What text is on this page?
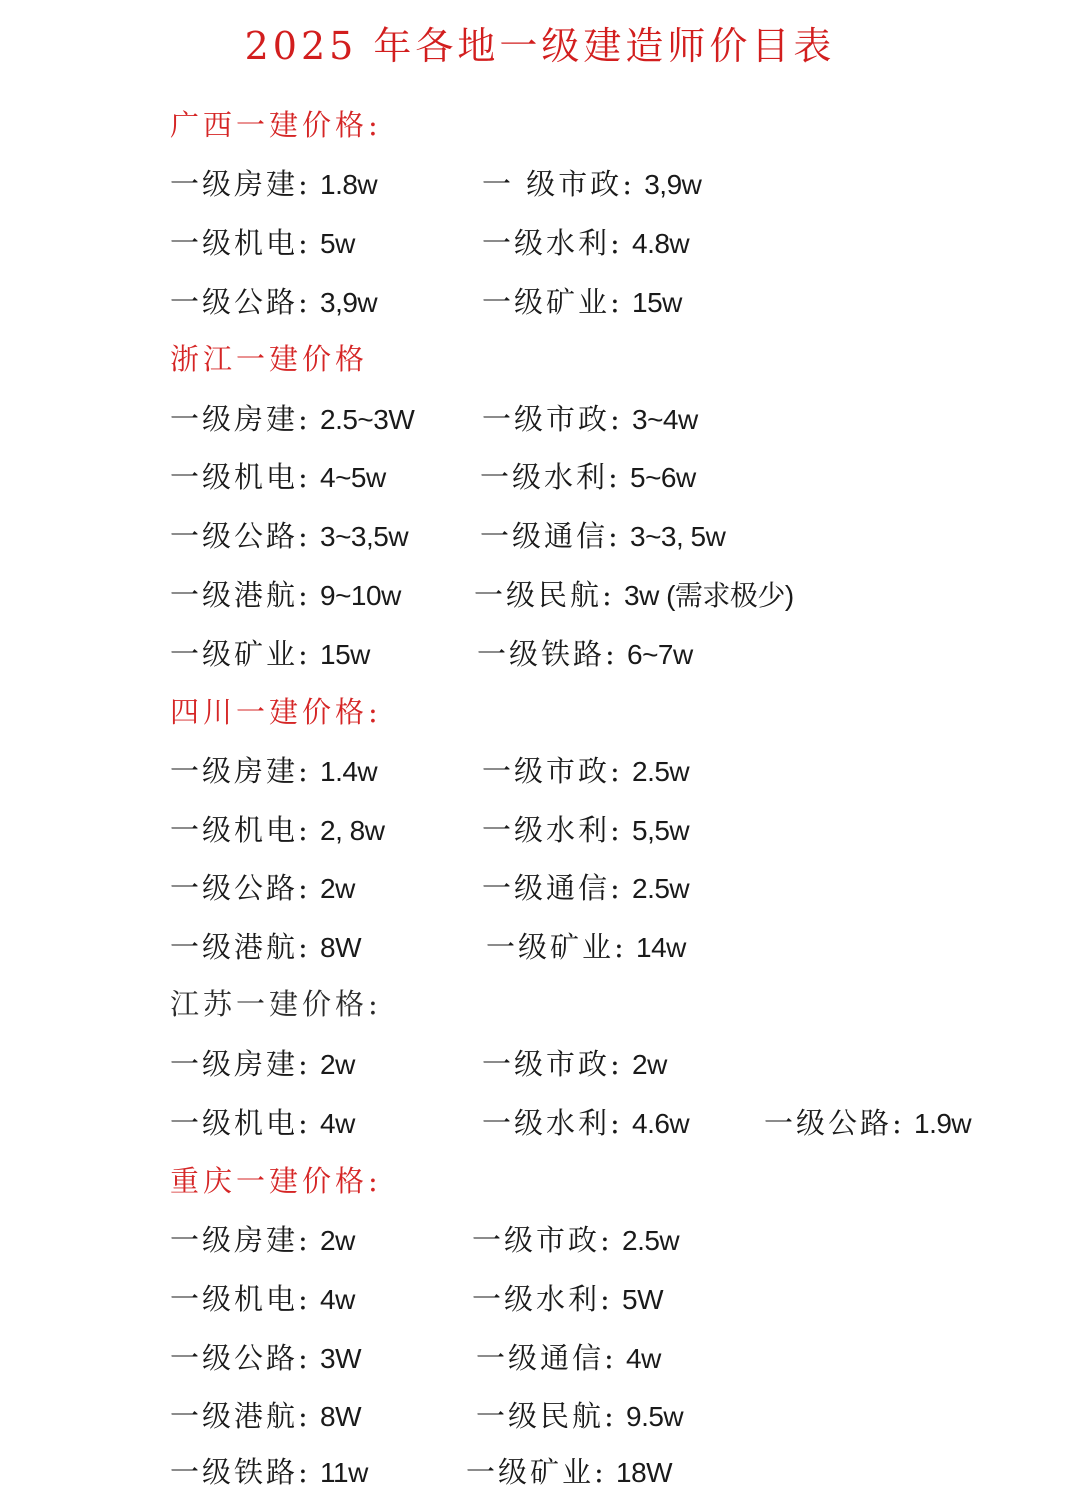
2025 年各地一级建造师价目表
广西一建价格:
一级房建: 1.8w	一 级市政: 3,9w
一级机电: 5w	一级水利: 4.8w
一级公路: 3,9w	一级矿业: 15w
浙江一建价格
一级房建: 2.5~3W 一级市政: 3~4w
一级机电: 4~5w	一级水利: 5~6w
一级公路: 3~3,5w 一级通信: 3~3, 5w
一级港航: 9~10w	一级民航: 3w (需求极少)
一级矿业: 15w	一级铁路: 6~7w
四川一建价格:
一级房建: 1.4w	一级市政: 2.5w
一级机电: 2, 8w	一级水利: 5,5w
一级公路: 2w	一级通信: 2.5w
一级港航: 8W	一级矿业: 14w
江苏一建价格:
一级房建: 2w	一级市政: 2w
一级机电: 4w	一级水利: 4.6w	一级公路: 1.9w
重庆一建价格:
一级房建: 2w	一级市政: 2.5w
一级机电: 4w	一级水利: 5W
一级公路: 3W	一级通信: 4w
一级港航: 8W	一级民航: 9.5w
一级铁路: 11w	一级矿业: 18W
